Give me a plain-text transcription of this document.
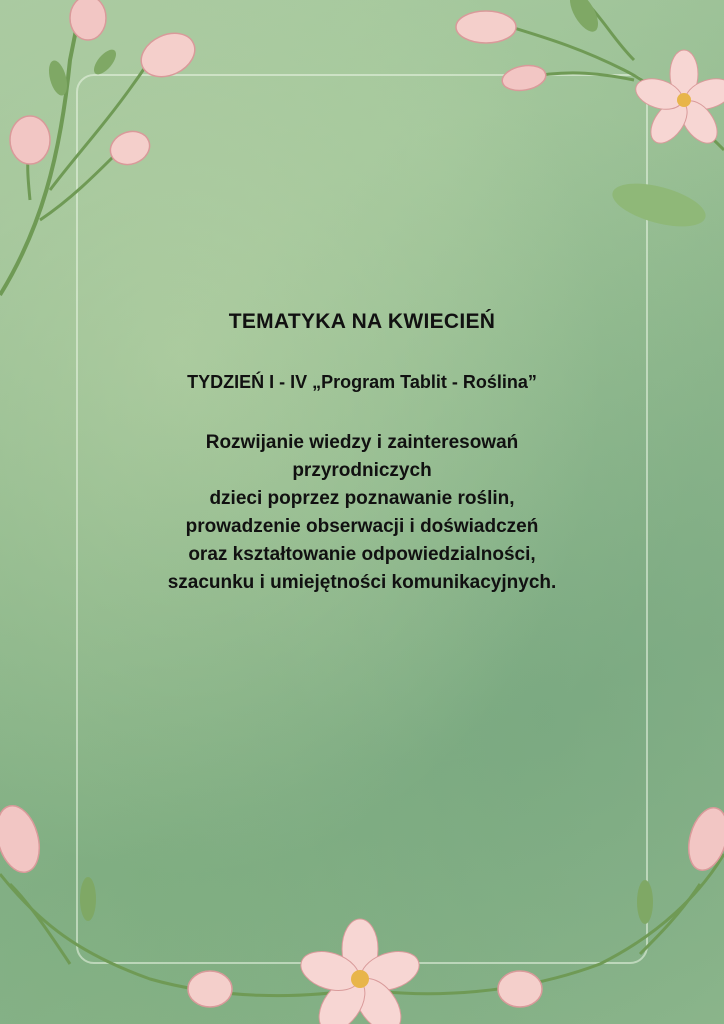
TEMATYKA NA KWIECIEŃ

TYDZIEŃ I - IV „Program Tablit - Roślina”

Rozwijanie wiedzy i zainteresowań
przyrodniczych
dzieci poprzez poznawanie roślin,
prowadzenie obserwacji i doświadczeń
oraz kształtowanie odpowiedzialności,
szacunku i umiejętności komunikacyjnych.
